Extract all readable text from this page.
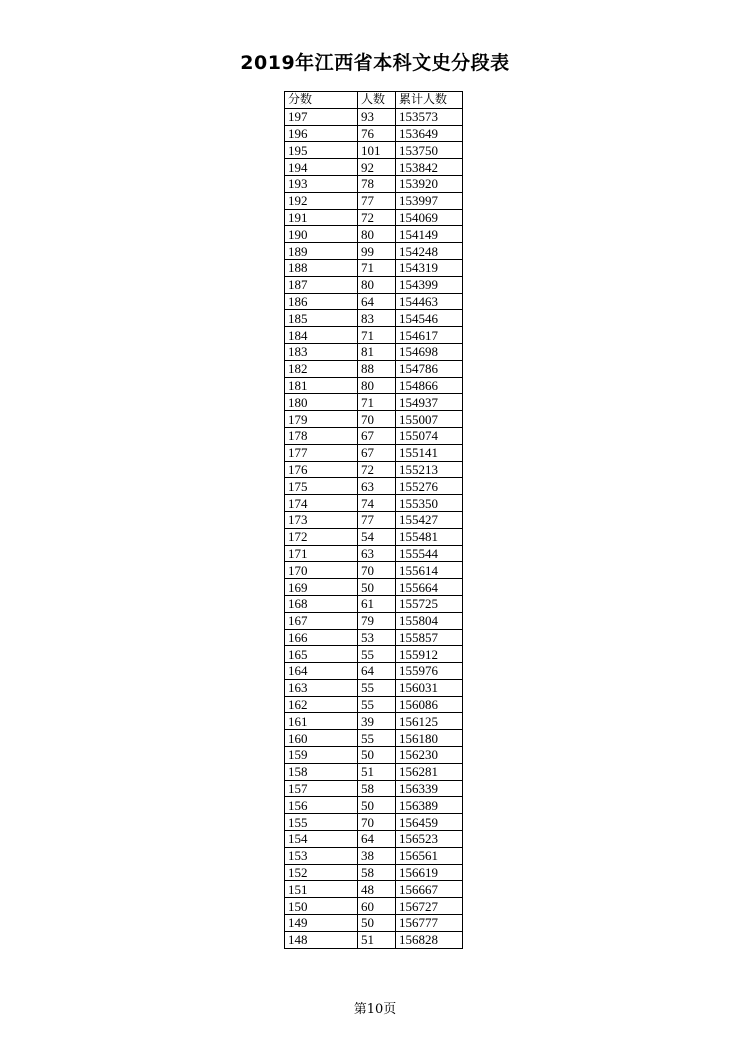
2019年江西省本科文史分段表
分数	人数	累计人数
197	93	153573
196	76	153649
195	101	153750
194	92	153842
193	78	153920
192	77	153997
191	72	154069
190	80	154149
189	99	154248
188	71	154319
187	80	154399
186	64	154463
185	83	154546
184	71	154617
183	81	154698
182	88	154786
181	80	154866
180	71	154937
179	70	155007
178	67	155074
177	67	155141
176	72	155213
175	63	155276
174	74	155350
173	77	155427
172	54	155481
171	63	155544
170	70	155614
169	50	155664
168	61	155725
167	79	155804
166	53	155857
165	55	155912
164	64	155976
163	55	156031
162	55	156086
161	39	156125
160	55	156180
159	50	156230
158	51	156281
157	58	156339
156	50	156389
155	70	156459
154	64	156523
153	38	156561
152	58	156619
151	48	156667
150	60	156727
149	50	156777
148	51	156828
第10页
